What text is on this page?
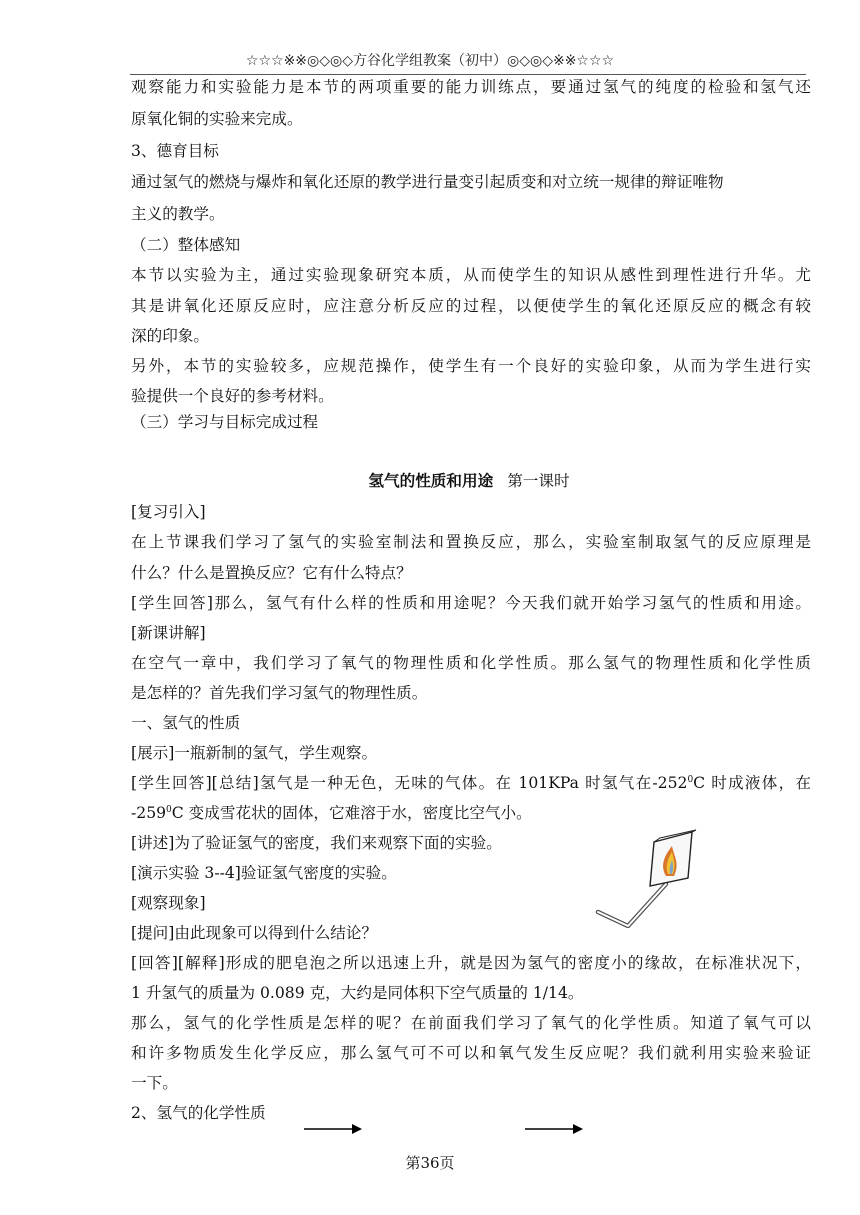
☆☆☆※※◎◇◎◇方谷化学组教案（初中）◎◇◎◇※※☆☆☆
观察能力和实验能力是本节的两项重要的能力训练点，要通过氢气的纯度的检验和氢气还
原氧化铜的实验来完成。
3、德育目标
通过氢气的燃烧与爆炸和氧化还原的教学进行量变引起质变和对立统一规律的辩证唯物
主义的教学。
（二）整体感知
本节以实验为主，通过实验现象研究本质，从而使学生的知识从感性到理性进行升华。尤
其是讲氧化还原反应时，应注意分析反应的过程，以便使学生的氧化还原反应的概念有较
深的印象。
另外，本节的实验较多，应规范操作，使学生有一个良好的实验印象，从而为学生进行实
验提供一个良好的参考材料。
（三）学习与目标完成过程
氢气的性质和用途 第一课时
[复习引入]
在上节课我们学习了氢气的实验室制法和置换反应，那么，实验室制取氢气的反应原理是
什么？什么是置换反应？它有什么特点？
[学生回答]那么，氢气有什么样的性质和用途呢？今天我们就开始学习氢气的性质和用途。
[新课讲解]
在空气一章中，我们学习了氧气的物理性质和化学性质。那么氢气的物理性质和化学性质
是怎样的？首先我们学习氢气的物理性质。
一、氢气的性质
[展示]一瓶新制的氢气，学生观察。
[学生回答][总结]氢气是一种无色，无味的气体。在 101KPa 时氢气在$-252^0C$ 时成液体，在
$-259^0C$ 变成雪花状的固体，它难溶于水，密度比空气小。
[讲述]为了验证氢气的密度，我们来观察下面的实验。
[演示实验 3--4]验证氢气密度的实验。
[观察现象]
[提问]由此现象可以得到什么结论？
[回答][解释]形成的肥皂泡之所以迅速上升，就是因为氢气的密度小的缘故，在标准状况下，
1 升氢气的质量为 0.089 克，大约是同体积下空气质量的 1/14。
那么，氢气的化学性质是怎样的呢？在前面我们学习了氧气的化学性质。知道了氧气可以
和许多物质发生化学反应，那么氢气可不可以和氧气发生反应呢？我们就利用实验来验证
一下。
2、氢气的化学性质
第36页
